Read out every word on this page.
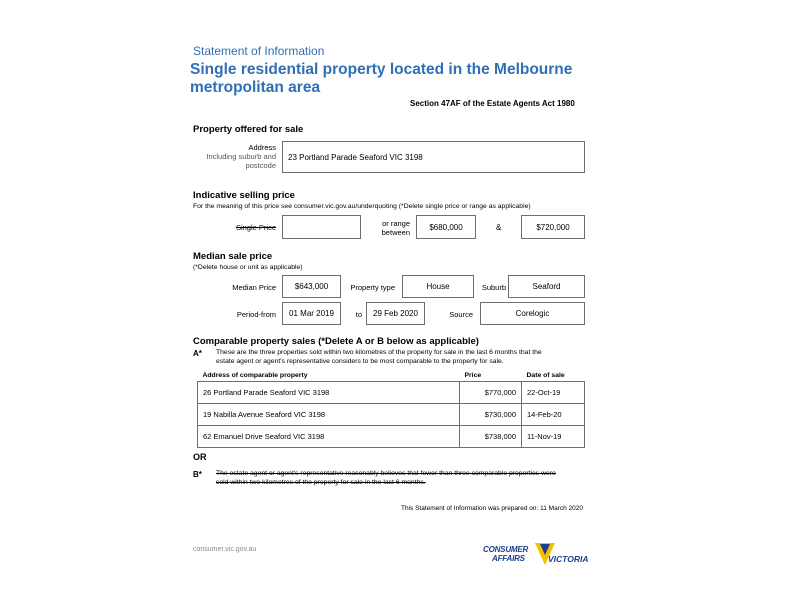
Statement of Information
Single residential property located in the Melbourne
metropolitan area
Section 47AF of the Estate Agents Act 1980
Property offered for sale
Address
Including suburb and
postcode
23 Portland Parade Seaford VIC 3198
Indicative selling price
For the meaning of this price see consumer.vic.gov.au/underquoting (*Delete single price or range as applicable)
Single Price	or range
between
$680,000	&	$720,000
Median sale price
(*Delete house or unit as applicable)
Median Price	$643,000	Property type	House	Suburb	Seaford
Period-from	01 Mar 2019	to	29 Feb 2020	Source	Corelogic
Comparable property sales (*Delete A or B below as applicable)
A* These are the three properties sold within two kilometres of the property for sale in the last 6 months that the
estate agent or agent's representative considers to be most comparable to the property for sale.
Address of comparable property	Price	Date of sale
26 Portland Parade Seaford VIC 3198	$770,000	22-Oct-19
19 Nabilla Avenue Seaford VIC 3198	$730,000	14-Feb-20
62 Emanuel Drive Seaford VIC 3198	$738,000	11-Nov-19
OR
B* The estate agent or agent's representative reasonably believes that fewer than three comparable properties were
sold within two kilometres of the property for sale in the last 6 months.
This Statement of Information was prepared on: 11 March 2020
consumer.vic.gov.au	CONSUMER
AFFAIRS	VICTORIA
